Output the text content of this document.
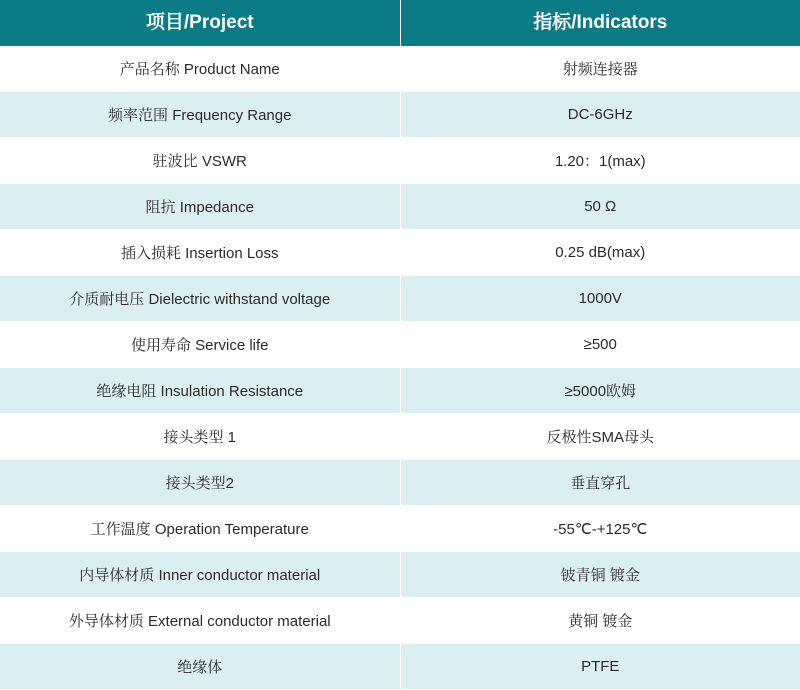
项目/Project	指标/Indicators
产品名称 Product Name	射频连接器
频率范围 Frequency Range	DC-6GHz
驻波比 VSWR	1.20：1(max)
阻抗 Impedance	50 Ω
插入损耗 Insertion Loss	0.25 dB(max)
介质耐电压 Dielectric withstand voltage	1000V
使用寿命 Service life	≥500
绝缘电阻 Insulation Resistance	≥5000欧姆
接头类型 1	反极性SMA母头
接头类型2	垂直穿孔
工作温度 Operation Temperature	-55℃-+125℃
内导体材质 Inner conductor material	铍青铜 镀金
外导体材质 External conductor material	黄铜 镀金
绝缘体	PTFE
